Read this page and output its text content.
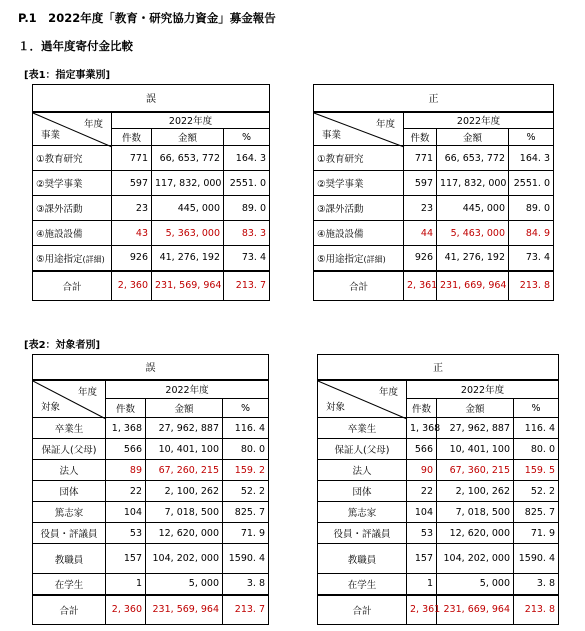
P.1　2022年度「教育・研究協力資金」募金報告
１．過年度寄付金比較
[表1：指定事業別]
[表2：対象者別]
誤			

年度
事業	2022年度		
	件数	金額	%
①教育研究	771	66, 653, 772	164. 3
②奨学事業	597	117, 832, 000	2551. 0
③課外活動	23	445, 000	89. 0
④施設設備	43	5, 363, 000	83. 3
⑤用途指定(詳細)	926	41, 276, 192	73. 4
合計	2, 360	231, 569, 964	213. 7
正			

年度
事業	2022年度		
	件数	金額	%
①教育研究	771	66, 653, 772	164. 3
②奨学事業	597	117, 832, 000	2551. 0
③課外活動	23	445, 000	89. 0
④施設設備	44	5, 463, 000	84. 9
⑤用途指定(詳細)	926	41, 276, 192	73. 4
合計	2, 361	231, 669, 964	213. 8
誤			

年度
対象	2022年度		
	件数	金額	%
卒業生	1, 368	27, 962, 887	116. 4
保証人(父母)	566	10, 401, 100	80. 0
法人	89	67, 260, 215	159. 2
団体	22	2, 100, 262	52. 2
篤志家	104	7, 018, 500	825. 7
役員・評議員	53	12, 620, 000	71. 9
教職員	157	104, 202, 000	1590. 4
在学生	1	5, 000	3. 8
合計	2, 360	231, 569, 964	213. 7
正			

年度
対象	2022年度		
	件数	金額	%
卒業生	1, 368	27, 962, 887	116. 4
保証人(父母)	566	10, 401, 100	80. 0
法人	90	67, 360, 215	159. 5
団体	22	2, 100, 262	52. 2
篤志家	104	7, 018, 500	825. 7
役員・評議員	53	12, 620, 000	71. 9
教職員	157	104, 202, 000	1590. 4
在学生	1	5, 000	3. 8
合計	2, 361	231, 669, 964	213. 8
